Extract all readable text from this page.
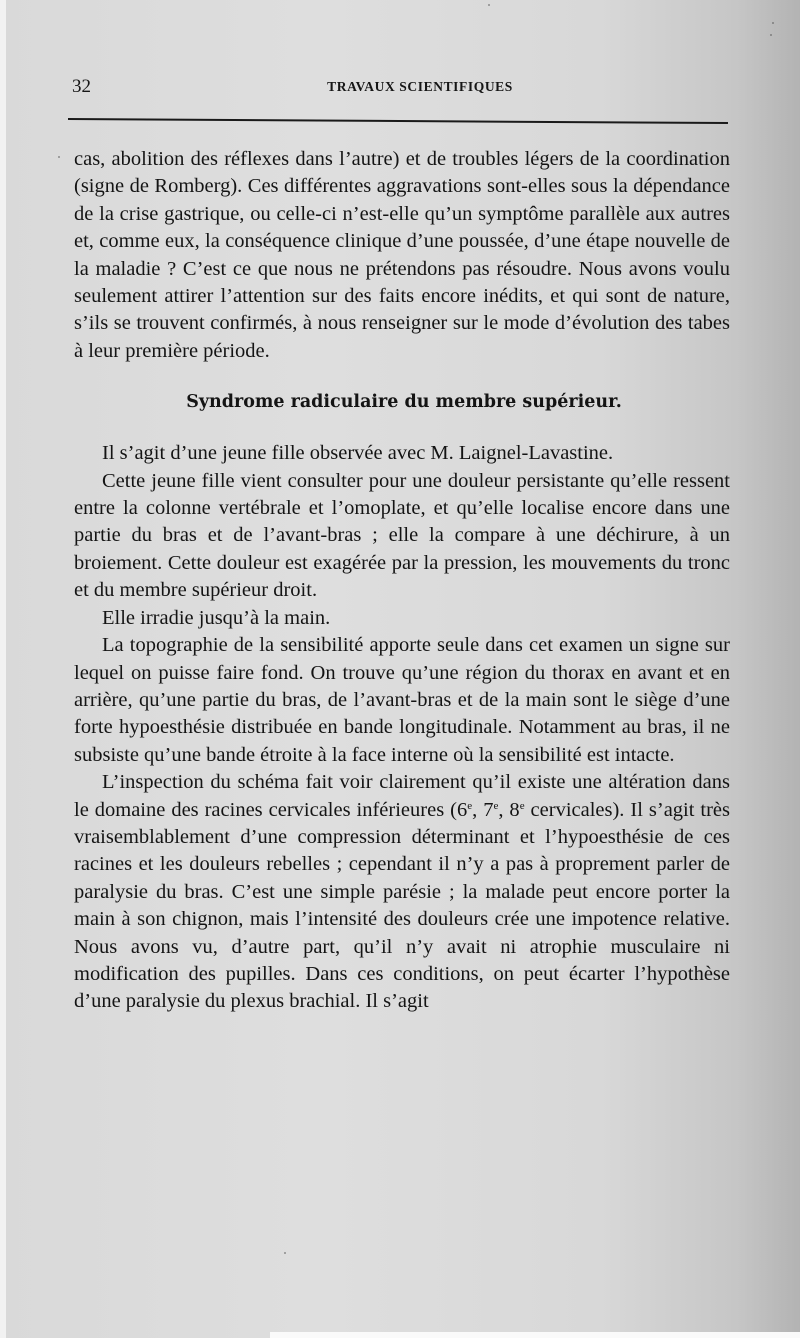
32	TRAVAUX SCIENTIFIQUES

cas, abolition des réflexes dans l’autre) et de troubles légers de la coordination (signe de Romberg). Ces différentes aggravations sont-elles sous la dépendance de la crise gastrique, ou celle-ci n’est-elle qu’un symptôme parallèle aux autres et, comme eux, la conséquence clinique d’une poussée, d’une étape nouvelle de la maladie ? C’est ce que nous ne prétendons pas résoudre. Nous avons voulu seulement attirer l’attention sur des faits encore inédits, et qui sont de nature, s’ils se trouvent confirmés, à nous renseigner sur le mode d’évolution des tabes à leur première période.

Syndrome radiculaire du membre supérieur.

Il s’agit d’une jeune fille observée avec M. Laignel-Lavastine.

Cette jeune fille vient consulter pour une douleur persistante qu’elle ressent entre la colonne vertébrale et l’omoplate, et qu’elle localise encore dans une partie du bras et de l’avant-bras ; elle la compare à une déchirure, à un broiement. Cette douleur est exagérée par la pression, les mouvements du tronc et du membre supérieur droit.

Elle irradie jusqu’à la main.

La topographie de la sensibilité apporte seule dans cet examen un signe sur lequel on puisse faire fond. On trouve qu’une région du thorax en avant et en arrière, qu’une partie du bras, de l’avant-bras et de la main sont le siège d’une forte hypoesthésie distribuée en bande longitudinale. Notamment au bras, il ne subsiste qu’une bande étroite à la face interne où la sensibilité est intacte.

L’inspection du schéma fait voir clairement qu’il existe une altération dans le domaine des racines cervicales inférieures (6e, 7e, 8e cervicales). Il s’agit très vraisemblablement d’une compression déterminant et l’hypoesthésie de ces racines et les douleurs rebelles ; cependant il n’y a pas à proprement parler de paralysie du bras. C’est une simple parésie ; la malade peut encore porter la main à son chignon, mais l’intensité des douleurs crée une impotence relative. Nous avons vu, d’autre part, qu’il n’y avait ni atrophie musculaire ni modification des pupilles. Dans ces conditions, on peut écarter l’hypothèse d’une paralysie du plexus brachial. Il s’agit
